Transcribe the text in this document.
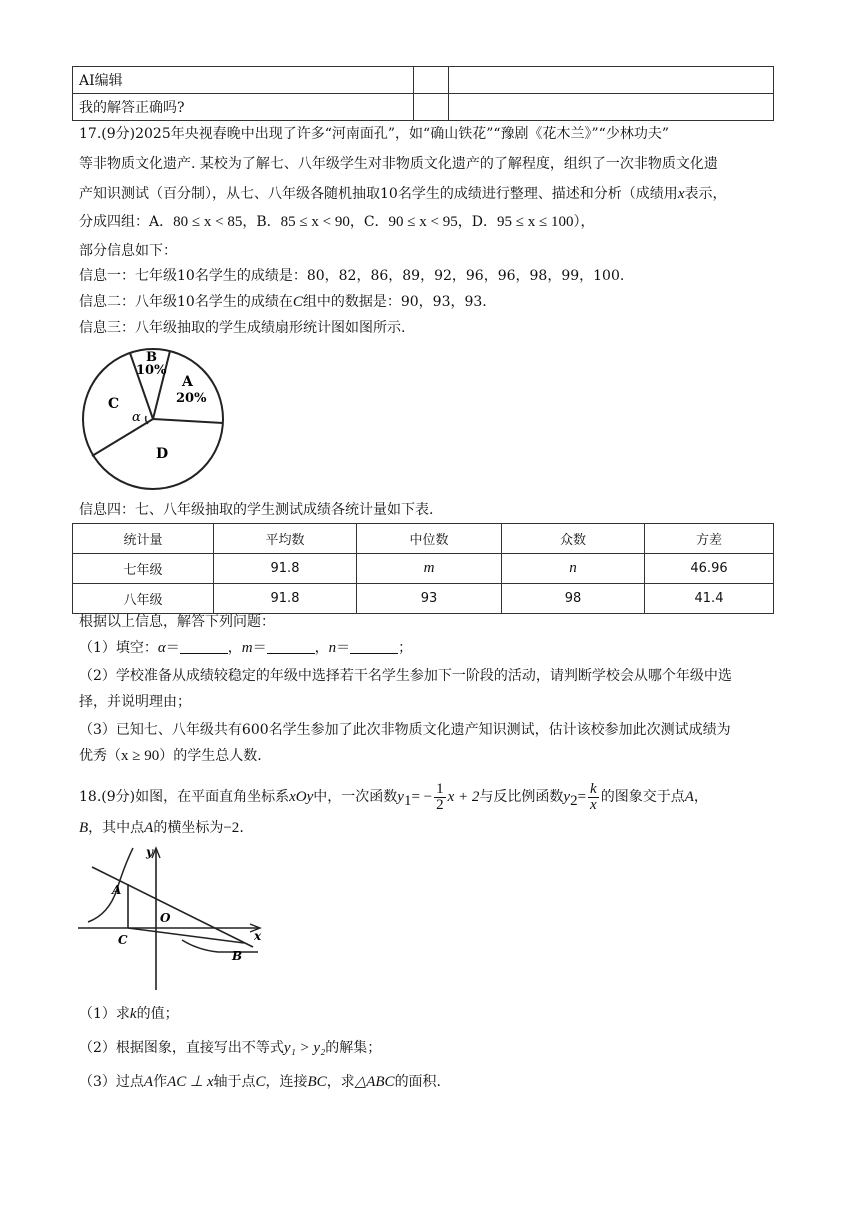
AI编辑		
我的解答正确吗?		
17.(9分)2025年央视春晚中出现了许多“河南面孔”，如“确山铁花”“豫剧《花木兰》”“少林功夫”
等非物质文化遗产. 某校为了解七、八年级学生对非物质文化遗产的了解程度，组织了一次非物质文化遗
产知识测试（百分制），从七、八年级各随机抽取10名学生的成绩进行整理、描述和分析（成绩用x表示，
分成四组：A．80 ≤ x < 85，B．85 ≤ x < 90，C．90 ≤ x < 95，D．95 ≤ x ≤ 100），
部分信息如下：
信息一：七年级10名学生的成绩是：80，82，86，89，92，96，96，98，99，100.
信息二：八年级10名学生的成绩在C组中的数据是：90，93，93.
信息三：八年级抽取的学生成绩扇形统计图如图所示.
B
10%
A
20%
C
α
D
信息四：七、八年级抽取的学生测试成绩各统计量如下表.
统计量	平均数	中位数	众数	方差
七年级	91.8	m	n	46.96
八年级	91.8	93	98	41.4
根据以上信息，解答下列问题：
（1）填空：α＝	，m＝	，n＝	；
（2）学校准备从成绩较稳定的年级中选择若干名学生参加下一阶段的活动，请判断学校会从哪个年级中选
择，并说明理由；
（3）已知七、八年级共有600名学生参加了此次非物质文化遗产知识测试，估计该校参加此次测试成绩为
优秀（x ≥ 90）的学生总人数.
18.(9分)如图，在平面直角坐标系xOy中，一次函数$y_1= - \frac{1}{2}$ x + 2与反比例函数$y_2= \frac{k}{x}$ 的图象交于点A，
B，其中点A的横坐标为−2.
y
x
A
O
C
B
（1）求k的值；
（2）根据图象，直接写出不等式y₁ > y₂的解集；
（3）过点A作AC ⊥ x轴于点C，连接BC，求△ABC的面积.
